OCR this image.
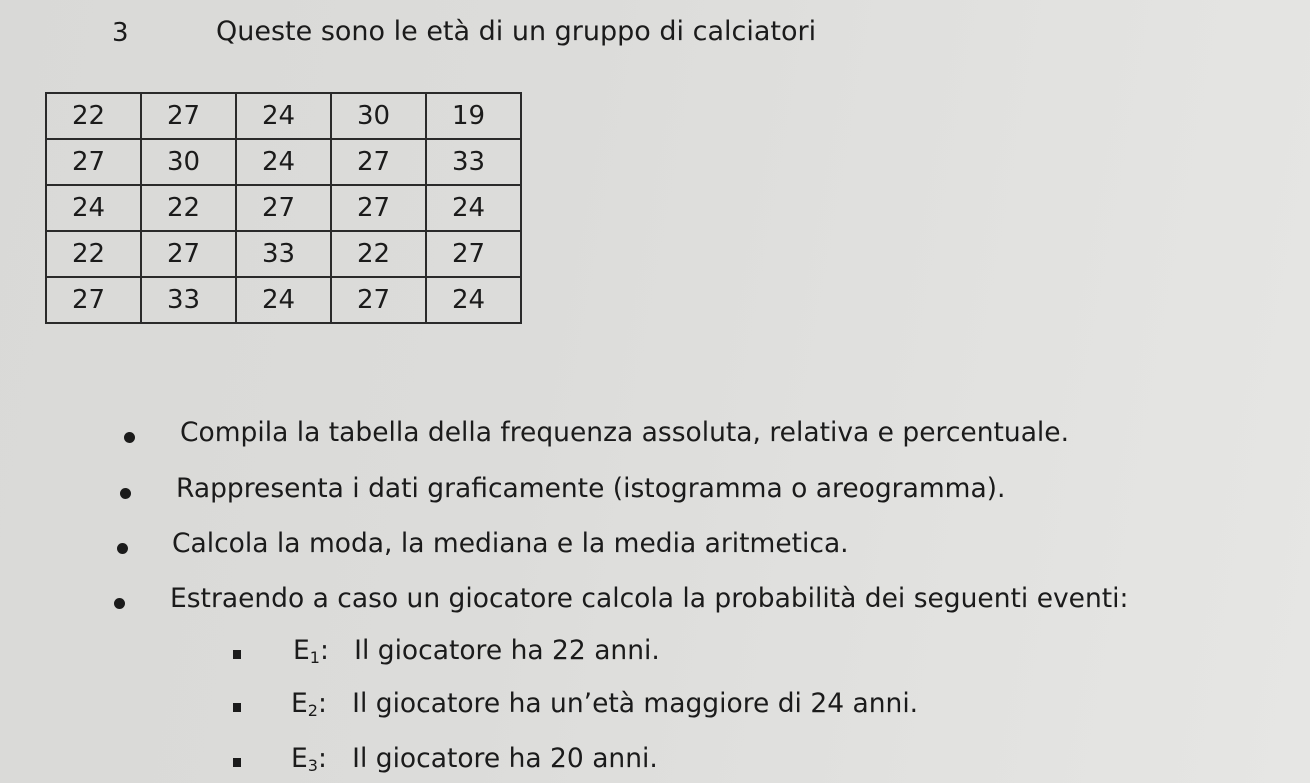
3	Queste sono le età di un gruppo di calciatori
22	27	24	30	19
27	30	24	27	33
24	22	27	27	24
22	27	33	22	27
27	33	24	27	24
Compila la tabella della frequenza assoluta, relativa e percentuale.
Rappresenta i dati graficamente (istogramma o areogramma).
Calcola la moda, la mediana e la media aritmetica.
Estraendo a caso un giocatore calcola la probabilità dei seguenti eventi:
$E_1$:   Il giocatore ha 22 anni.
$E_2$:   Il giocatore ha un’età maggiore di 24 anni.
$E_3$:   Il giocatore ha 20 anni.
